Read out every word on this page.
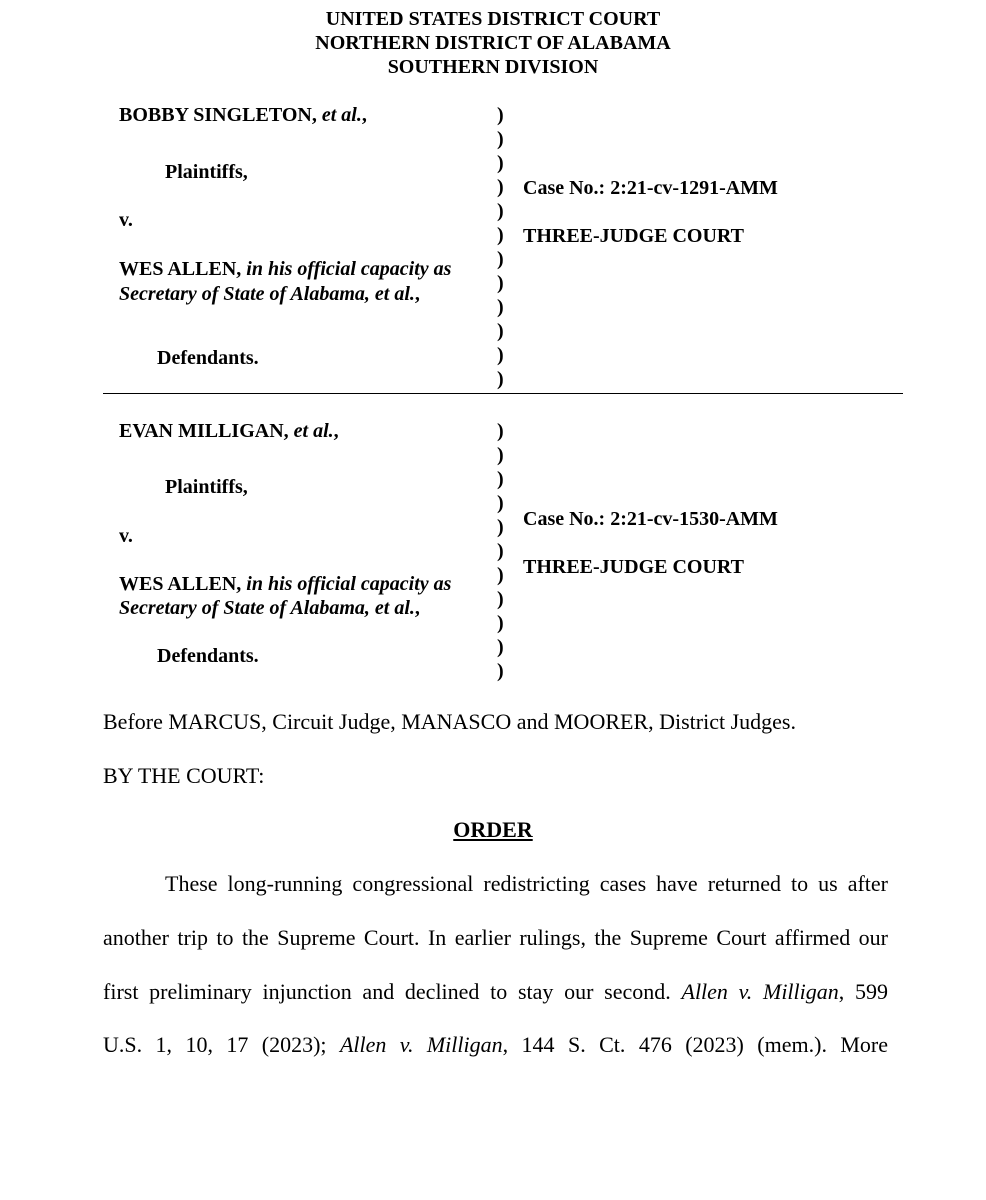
UNITED STATES DISTRICT COURT
NORTHERN DISTRICT OF ALABAMA
SOUTHERN DIVISION
BOBBY SINGLETON, et al.,
Plaintiffs,
v.
WES ALLEN, in his official capacity as
Secretary of State of Alabama, et al.,
Defendants.
Case No.: 2:21-cv-1291-AMM
THREE-JUDGE COURT
)
)
)
)
)
)
)
)
)
)
)
)
EVAN MILLIGAN, et al.,
Plaintiffs,
v.
WES ALLEN, in his official capacity as
Secretary of State of Alabama, et al.,
Defendants.
Case No.: 2:21-cv-1530-AMM
THREE-JUDGE COURT
)
)
)
)
)
)
)
)
)
)
)
Before MARCUS, Circuit Judge, MANASCO and MOORER, District Judges.
BY THE COURT:
ORDER
These long-running congressional redistricting cases have returned to us after
another trip to the Supreme Court. In earlier rulings, the Supreme Court affirmed our
first preliminary injunction and declined to stay our second. Allen v. Milligan, 599
U.S. 1, 10, 17 (2023); Allen v. Milligan, 144 S. Ct. 476 (2023) (mem.). More
